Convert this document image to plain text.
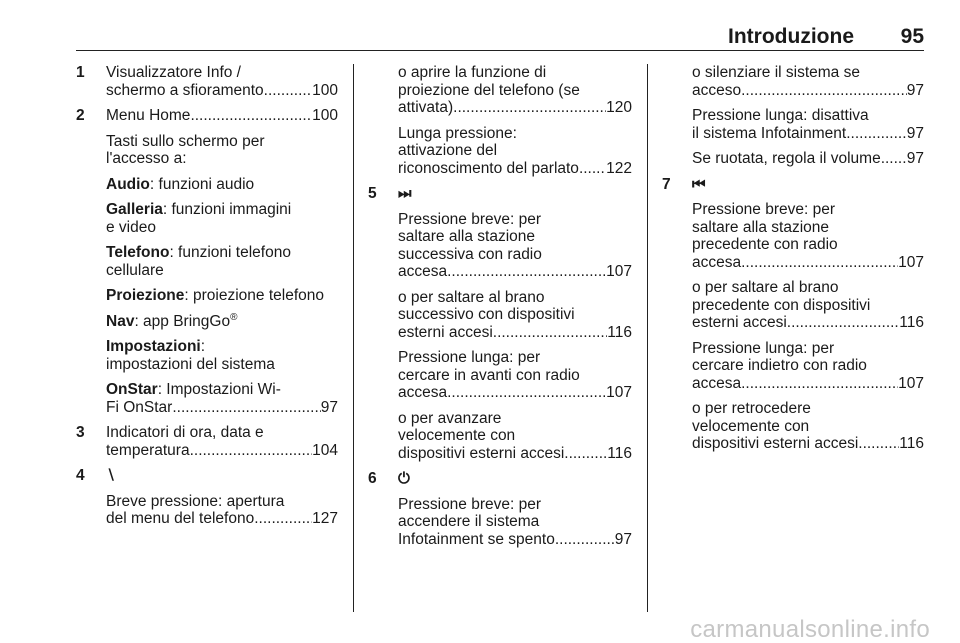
Introduzione 95
1 Visualizzatore Info /
schermo a sfioramento .....	100
2 Menu Home .....	100
Tasti sullo schermo per
l'accesso a:
Audio: funzioni audio
Galleria: funzioni immagini
e video
Telefono: funzioni telefono
cellulare
Proiezione: proiezione telefono
Nav: app BringGo®
Impostazioni:
impostazioni del sistema
OnStar: Impostazioni Wi-
Fi OnStar .....	97
3 Indicatori di ora, data e
temperatura .....	104
4 ∖
Breve pressione: apertura
del menu del telefono .....	127
o aprire la funzione di
proiezione del telefono (se
attivata) .....	120
Lunga pressione:
attivazione del
riconoscimento del parlato ..... 122
5 ⏭
Pressione breve: per
saltare alla stazione
successiva con radio
accesa .....	107
o per saltare al brano
successivo con dispositivi
esterni accesi .....	116
Pressione lunga: per
cercare in avanti con radio
accesa .....	107
o per avanzare
velocemente con
dispositivi esterni accesi .....	116
6 ⏻
Pressione breve: per
accendere il sistema
Infotainment se spento .....	97
o silenziare il sistema se
acceso .....	97
Pressione lunga: disattiva
il sistema Infotainment .....	97
Se ruotata, regola il volume ..... 97
7 ⏮
Pressione breve: per
saltare alla stazione
precedente con radio
accesa .....	107
o per saltare al brano
precedente con dispositivi
esterni accesi .....	116
Pressione lunga: per
cercare indietro con radio
accesa .....	107
o per retrocedere
velocemente con
dispositivi esterni accesi .....	116
carmanualsonline.info
